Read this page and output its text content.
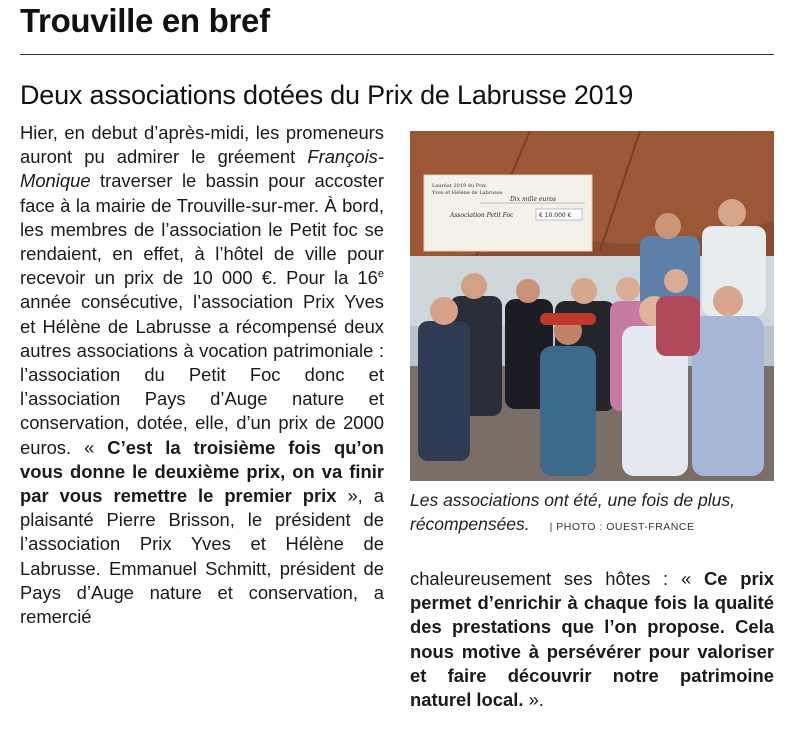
Trouville en bref
Deux associations dotées du Prix de Labrusse 2019

Hier, en debut d’après-midi, les promeneurs auront pu admirer le gréement François-Monique traverser le bassin pour accoster face à la mairie de Trouville-sur-mer. À bord, les membres de l’association le Petit foc se rendaient, en effet, à l’hôtel de ville pour recevoir un prix de 10 000 €. Pour la 16e année consécutive, l’association Prix Yves et Hélène de Labrusse a récompensé deux autres associations à vocation patrimoniale : l’association du Petit Foc donc et l’association Pays d’Auge nature et conservation, dotée, elle, d’un prix de 2000 euros. « C’est la troisième fois qu’on vous donne le deuxième prix, on va finir par vous remettre le premier prix », a plaisanté Pierre Brisson, le président de l’association Prix Yves et Hélène de Labrusse. Emmanuel Schmitt, président de Pays d’Auge nature et conservation, a remercié

Lauréat 2019 du Prix
Yves et Hélène de Labrusse
Dix mille euros
Association Petit Foc	€ 10.000 €
Les associations ont été, une fois de plus, récompensées. | PHOTO : OUEST-FRANCE

chaleureusement ses hôtes : « Ce prix permet d’enrichir à chaque fois la qualité des prestations que l’on propose. Cela nous motive à persévérer pour valoriser et faire découvrir notre patrimoine naturel local. ».
